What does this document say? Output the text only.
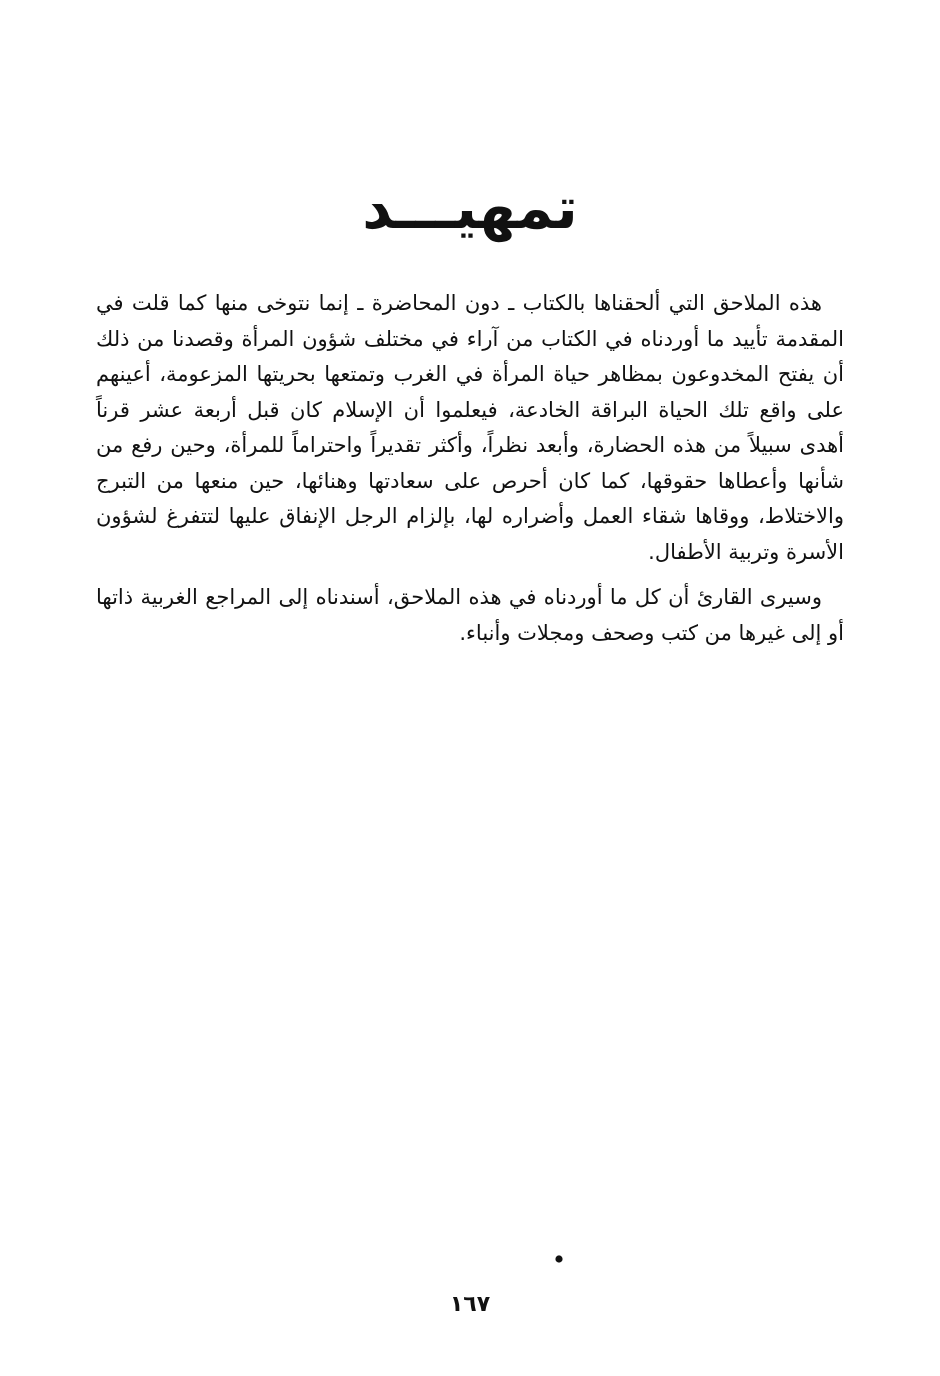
تمهيـــد

هذه الملاحق التي ألحقناها بالكتاب ـ دون المحاضرة ـ إنما نتوخى منها كما قلت في المقدمة تأييد ما أوردناه في الكتاب من آراء في مختلف شؤون المرأة وقصدنا من ذلك أن يفتح المخدوعون بمظاهر حياة المرأة في الغرب وتمتعها بحريتها المزعومة، أعينهم على واقع تلك الحياة البراقة الخادعة، فيعلموا أن الإسلام كان قبل أربعة عشر قرناً أهدى سبيلاً من هذه الحضارة، وأبعد نظراً، وأكثر تقديراً واحتراماً للمرأة، وحين رفع من شأنها وأعطاها حقوقها، كما كان أحرص على سعادتها وهنائها، حين منعها من التبرج والاختلاط، ووقاها شقاء العمل وأضراره لها، بإلزام الرجل الإنفاق عليها لتتفرغ لشؤون الأسرة وتربية الأطفال.

وسيرى القارئ أن كل ما أوردناه في هذه الملاحق، أسندناه إلى المراجع الغربية ذاتها أو إلى غيرها من كتب وصحف ومجلات وأنباء.

١٦٧
